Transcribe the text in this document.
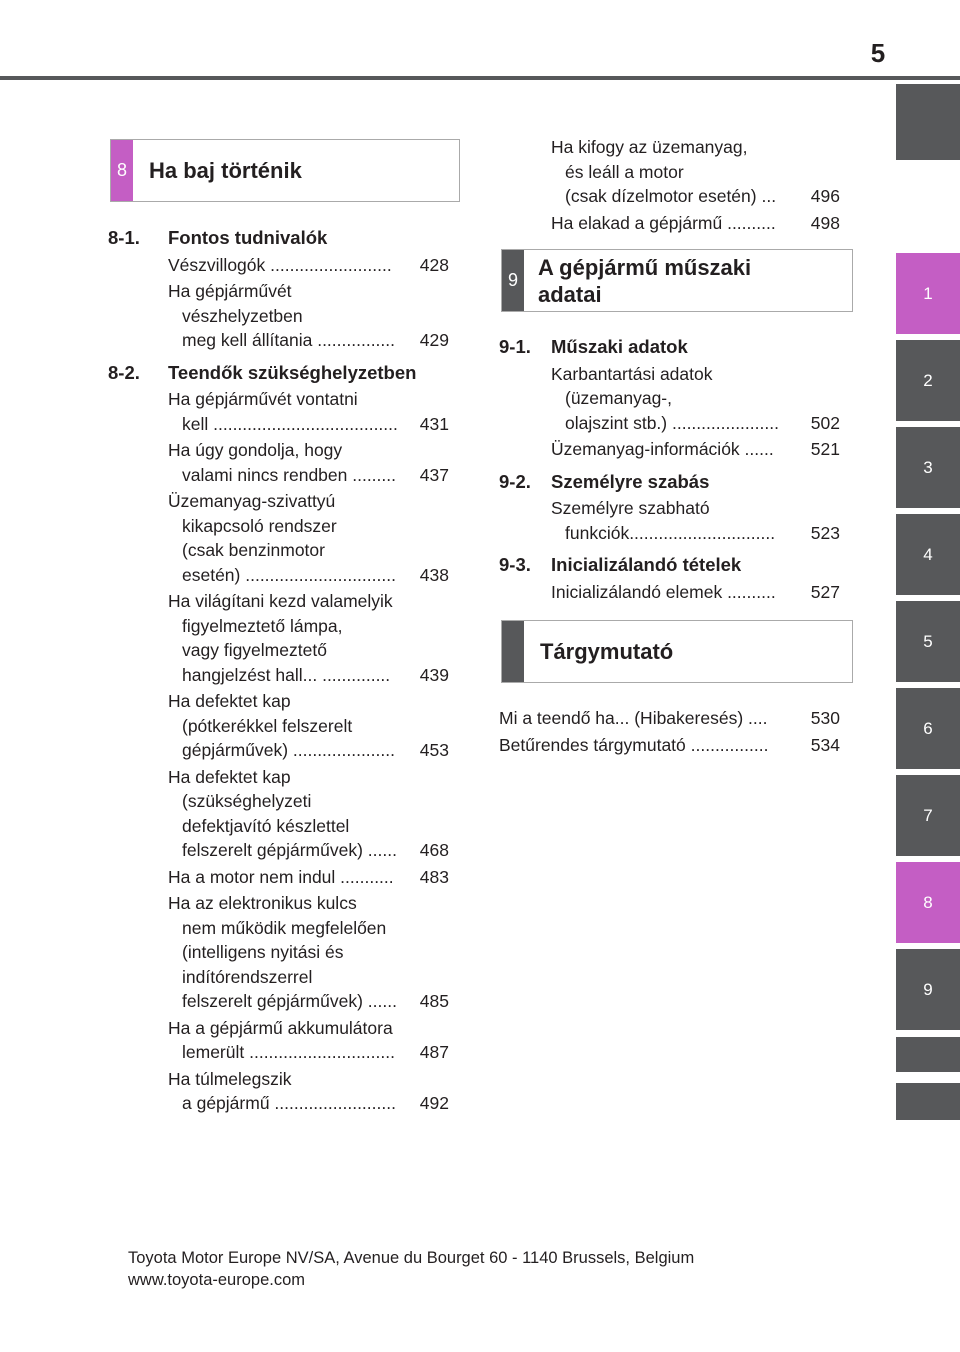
5
1
2
3
4
5
6
7
8
9
8	Ha baj történik
8-1.	Fontos tudnivalók
Vészvillogók .........................	428
Ha gépjárművét
vészhelyzetben
meg kell állítania ................	429
8-2.	Teendők szükséghelyzetben
Ha gépjárművét vontatni
kell ......................................	431
Ha úgy gondolja, hogy
valami nincs rendben .........	437
Üzemanyag-szivattyú
kikapcsoló rendszer
(csak benzinmotor
esetén) ...............................	438
Ha világítani kezd valamelyik
figyelmeztető lámpa,
vagy figyelmeztető
hangjelzést hall... ..............	439
Ha defektet kap
(pótkerékkel felszerelt
gépjárművek) .....................	453
Ha defektet kap
(szükséghelyzeti
defektjavító készlettel
felszerelt gépjárművek) ......	468
Ha a motor nem indul ...........	483
Ha az elektronikus kulcs
nem működik megfelelően
(intelligens nyitási és
indítórendszerrel
felszerelt gépjárművek) ......	485
Ha a gépjármű akkumulátora
lemerült ..............................	487
Ha túlmelegszik
a gépjármű .........................	492
Ha kifogy az üzemanyag,
és leáll a motor
(csak dízelmotor esetén) ...	496
Ha elakad a gépjármű ..........	498
9
A gépjármű műszaki
adatai
9-1.	Műszaki adatok
Karbantartási adatok
(üzemanyag-,
olajszint stb.) ......................	502
Üzemanyag-információk ......	521
9-2.	Személyre szabás
Személyre szabható
funkciók..............................	523
9-3.	Inicializálandó tételek
Inicializálandó elemek ..........	527
Tárgymutató
Mi a teendő ha... (Hibakeresés) ....	530
Betűrendes tárgymutató ................	534
Toyota Motor Europe NV/SA, Avenue du Bourget 60 - 1140 Brussels, Belgium
www.toyota-europe.com
